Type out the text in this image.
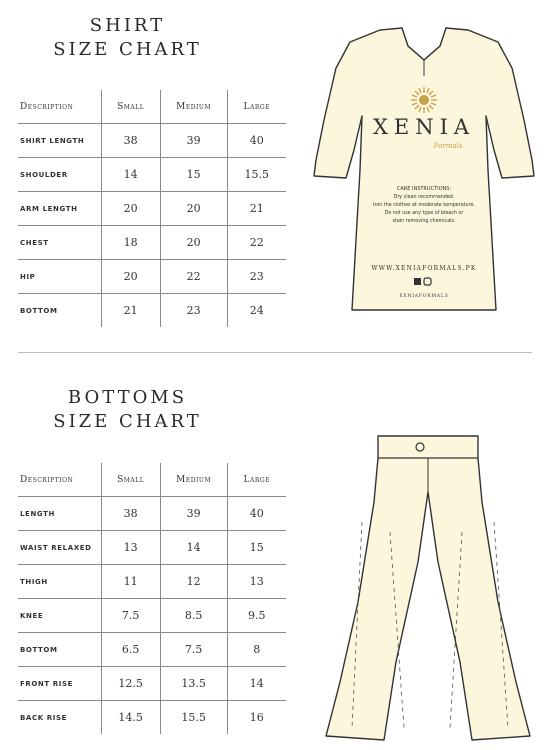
SHIRT
SIZE CHART
Description	Small	Medium	Large
SHIRT LENGTH	38	39	40
SHOULDER	14	15	15.5
ARM LENGTH	20	20	21
CHEST	18	20	22
HIP	20	22	23
BOTTOM	21	23	24
XENIA
Formals
CARE INSTRUCTIONS:
Dry clean recommended.
Iron the clothes at moderate temperature.
Do not use any type of bleach or
stain removing chemicals.
WWW.XENIAFORMALS.PK
XENIAFORMALS
BOTTOMS
SIZE CHART
Description	Small	Medium	Large
LENGTH	38	39	40
WAIST RELAXED	13	14	15
THIGH	11	12	13
KNEE	7.5	8.5	9.5
BOTTOM	6.5	7.5	8
FRONT RISE	12.5	13.5	14
BACK RISE	14.5	15.5	16
